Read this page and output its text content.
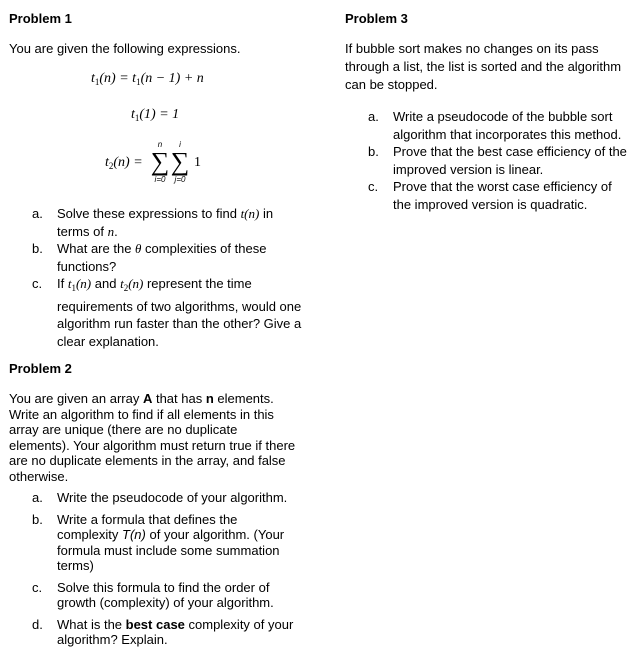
Problem 1
You are given the following expressions.
$t_1(n) = t_1(n - 1) + n$
$t_1(1) = 1$
$t_2(n)$ =
n
∑
i=0
i
∑
j=0
1
a. Solve these expressions to find t(n) in terms of n.
b. What are the θ complexities of these functions?
c. If $t_1(n)$ and $t_2(n)$ represent the time requirements of two algorithms, would one algorithm run faster than the other? Give a clear explanation.
Problem 2
You are given an array A that has n elements. Write an algorithm to find if all elements in this array are unique (there are no duplicate elements). Your algorithm must return true if there are no duplicate elements in the array, and false otherwise.
a. Write the pseudocode of your algorithm.
b. Write a formula that defines the complexity T(n) of your algorithm. (Your formula must include some summation terms)
c. Solve this formula to find the order of growth (complexity) of your algorithm.
d. What is the best case complexity of your algorithm? Explain.
Problem 3
If bubble sort makes no changes on its pass through a list, the list is sorted and the algorithm can be stopped.
a. Write a pseudocode of the bubble sort algorithm that incorporates this method.
b. Prove that the best case efficiency of the improved version is linear.
c. Prove that the worst case efficiency of the improved version is quadratic.
